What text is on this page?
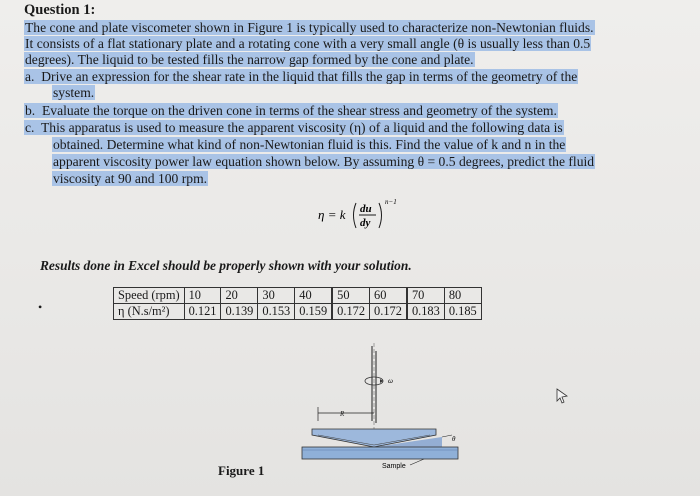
Question 1:
The cone and plate viscometer shown in Figure 1 is typically used to characterize non-Newtonian fluids.
It consists of a flat stationary plate and a rotating cone with a very small angle (θ is usually less than 0.5
degrees). The liquid to be tested fills the narrow gap formed by the cone and plate.
a. Drive an expression for the shear rate in the liquid that fills the gap in terms of the geometry of the
system.
b. Evaluate the torque on the driven cone in terms of the shear stress and geometry of the system.
c. This apparatus is used to measure the apparent viscosity (η) of a liquid and the following data is
obtained. Determine what kind of non-Newtonian fluid is this. Find the value of k and n in the
apparent viscosity power law equation shown below. By assuming θ = 0.5 degrees, predict the fluid
viscosity at 90 and 100 rpm.
η = k du
dy
n−1
Results done in Excel should be properly shown with your solution.
•
Speed (rpm)	10	20	30	40	50	60	70	80
η (N.s/m²)	0.121	0.139	0.153	0.159	0.172	0.172	0.183	0.185
ω
R
θ
Sample
Figure 1
